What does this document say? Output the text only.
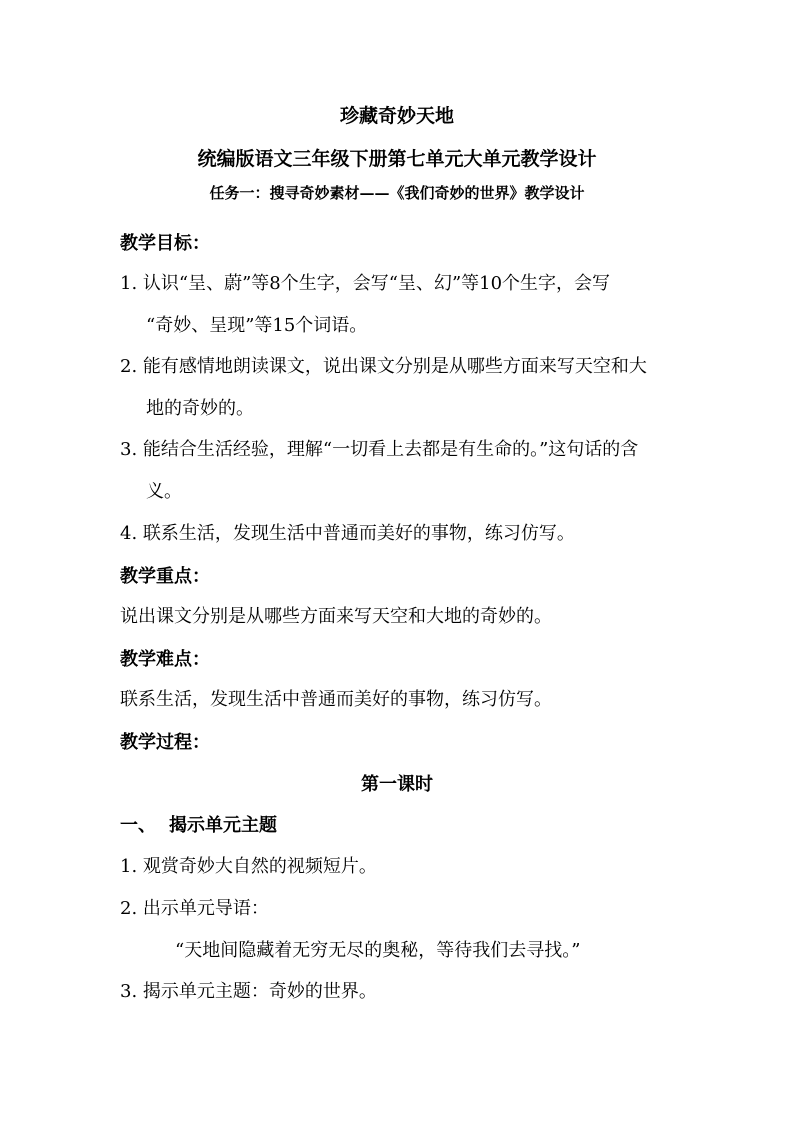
珍藏奇妙天地
统编版语文三年级下册第七单元大单元教学设计
任务一：搜寻奇妙素材——《我们奇妙的世界》教学设计
教学目标：
1. 认识“呈、蔚”等8个生字，会写“呈、幻”等10个生字，会写
“奇妙、呈现”等15个词语。
2. 能有感情地朗读课文，说出课文分别是从哪些方面来写天空和大
地的奇妙的。
3. 能结合生活经验，理解“一切看上去都是有生命的。”这句话的含
义。
4. 联系生活，发现生活中普通而美好的事物，练习仿写。
教学重点：
说出课文分别是从哪些方面来写天空和大地的奇妙的。
教学难点：
联系生活，发现生活中普通而美好的事物，练习仿写。
教学过程：
第一课时
一、 揭示单元主题
1. 观赏奇妙大自然的视频短片。
2. 出示单元导语：
“天地间隐藏着无穷无尽的奥秘，等待我们去寻找。”
3. 揭示单元主题：奇妙的世界。
